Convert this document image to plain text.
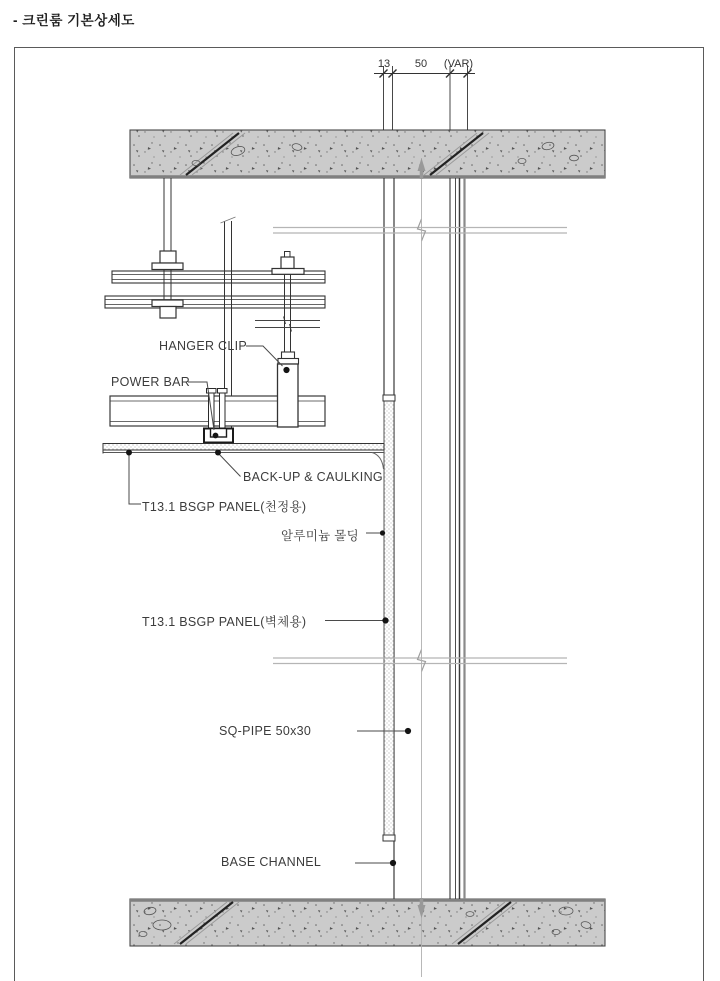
- 크린룸 기본상세도
13	50	(VAR)
HANGER CLIP
POWER BAR
BACK-UP & CAULKING
T13.1 BSGP PANEL(천정용)
알루미늄 몰딩
T13.1 BSGP PANEL(벽체용)
SQ-PIPE 50x30
BASE CHANNEL
